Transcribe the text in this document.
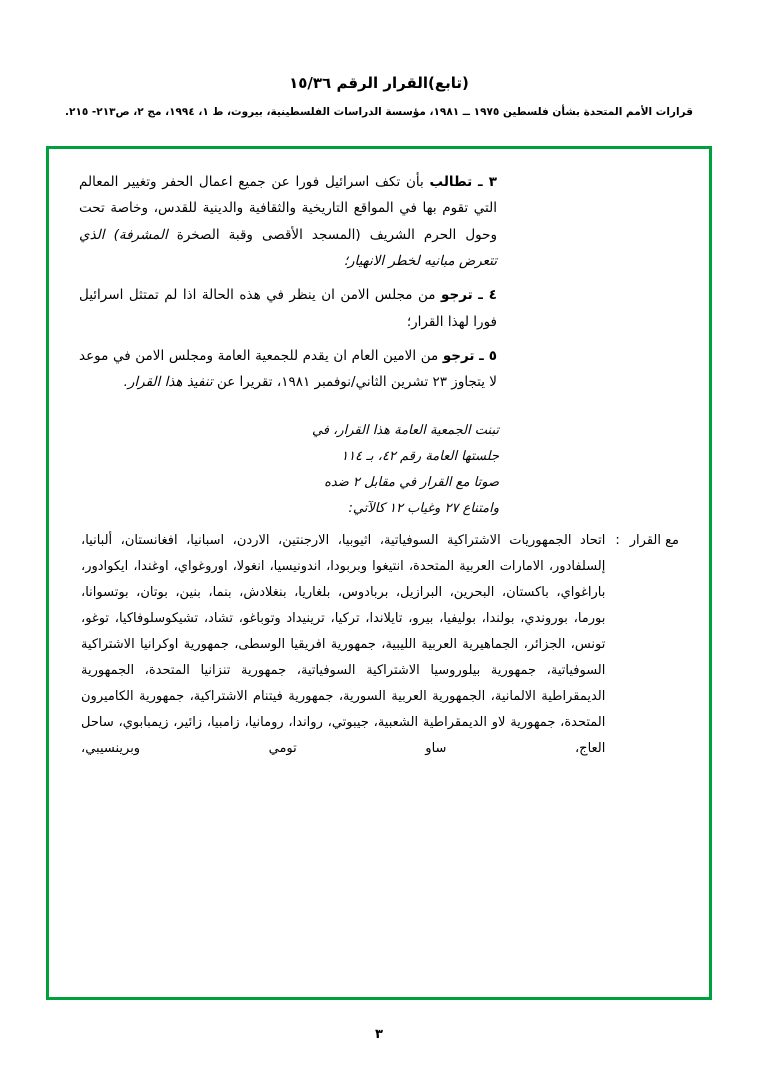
(تابع)القرار الرقم ١٥/٣٦
قرارات الأمم المتحدة بشأن فلسطين ١٩٧٥ ــ ١٩٨١، مؤسسة الدراسات الفلسطينية، بيروت، ط ١، ١٩٩٤، مج ٢، ص٢١٣- ٢١٥.

٣ ـ تطالب بأن تكف اسرائيل فورا عن جميع اعمال الحفر وتغيير المعالم التي تقوم بها في المواقع التاريخية والثقافية والدينية للقدس، وخاصة تحت وحول الحرم الشريف (المسجد الأقصى وقبة الصخرة المشرفة) الذي تتعرض مبانيه لخطر الانهيار؛

٤ ـ ترجو من مجلس الامن ان ينظر في هذه الحالة اذا لم تمتثل اسرائيل فورا لهذا القرار؛

٥ ـ ترجو من الامين العام ان يقدم للجمعية العامة ومجلس الامن في موعد لا يتجاوز ٢٣ تشرين الثاني/نوفمبر ١٩٨١، تقريرا عن تنفيذ هذا القرار.

تبنت الجمعية العامة هذا القرار، في
جلستها العامة رقم ٤٢، بـ ١١٤
صوتا مع القرار في مقابل ٢ ضده
وامتناع ٢٧ وغياب ١٢ كالآتي:
مع القرار:
اتحاد الجمهوريات الاشتراكية السوفياتية، اثيوبيا، الارجنتين، الاردن، اسبانيا، افغانستان، ألبانيا، إلسلفادور، الامارات العربية المتحدة، انتيغوا وبربودا، اندونيسيا، انغولا، اوروغواي، اوغندا، ايكوادور، باراغواي، باكستان، البحرين، البرازيل، بربادوس، بلغاريا، بنغلادش، بنما، بنين، بوتان، بوتسوانا، بورما، بوروندي، بولندا، بوليفيا، بيرو، تايلاندا، تركيا، ترينيداد وتوباغو، تشاد، تشيكوسلوفاكيا، توغو، تونس، الجزائر، الجماهيرية العربية الليبية، جمهورية افريقيا الوسطى، جمهورية اوكرانيا الاشتراكية السوفياتية، جمهورية بيلوروسيا الاشتراكية السوفياتية، جمهورية تنزانيا المتحدة، الجمهورية الديمقراطية الالمانية، الجمهورية العربية السورية، جمهورية فيتنام الاشتراكية، جمهورية الكاميرون المتحدة، جمهورية لاو الديمقراطية الشعبية، جيبوتي، رواندا، رومانيا، زامبيا، زائير، زيمبابوي، ساحل العاج، ساو تومي وبرينسيبي،
٣
